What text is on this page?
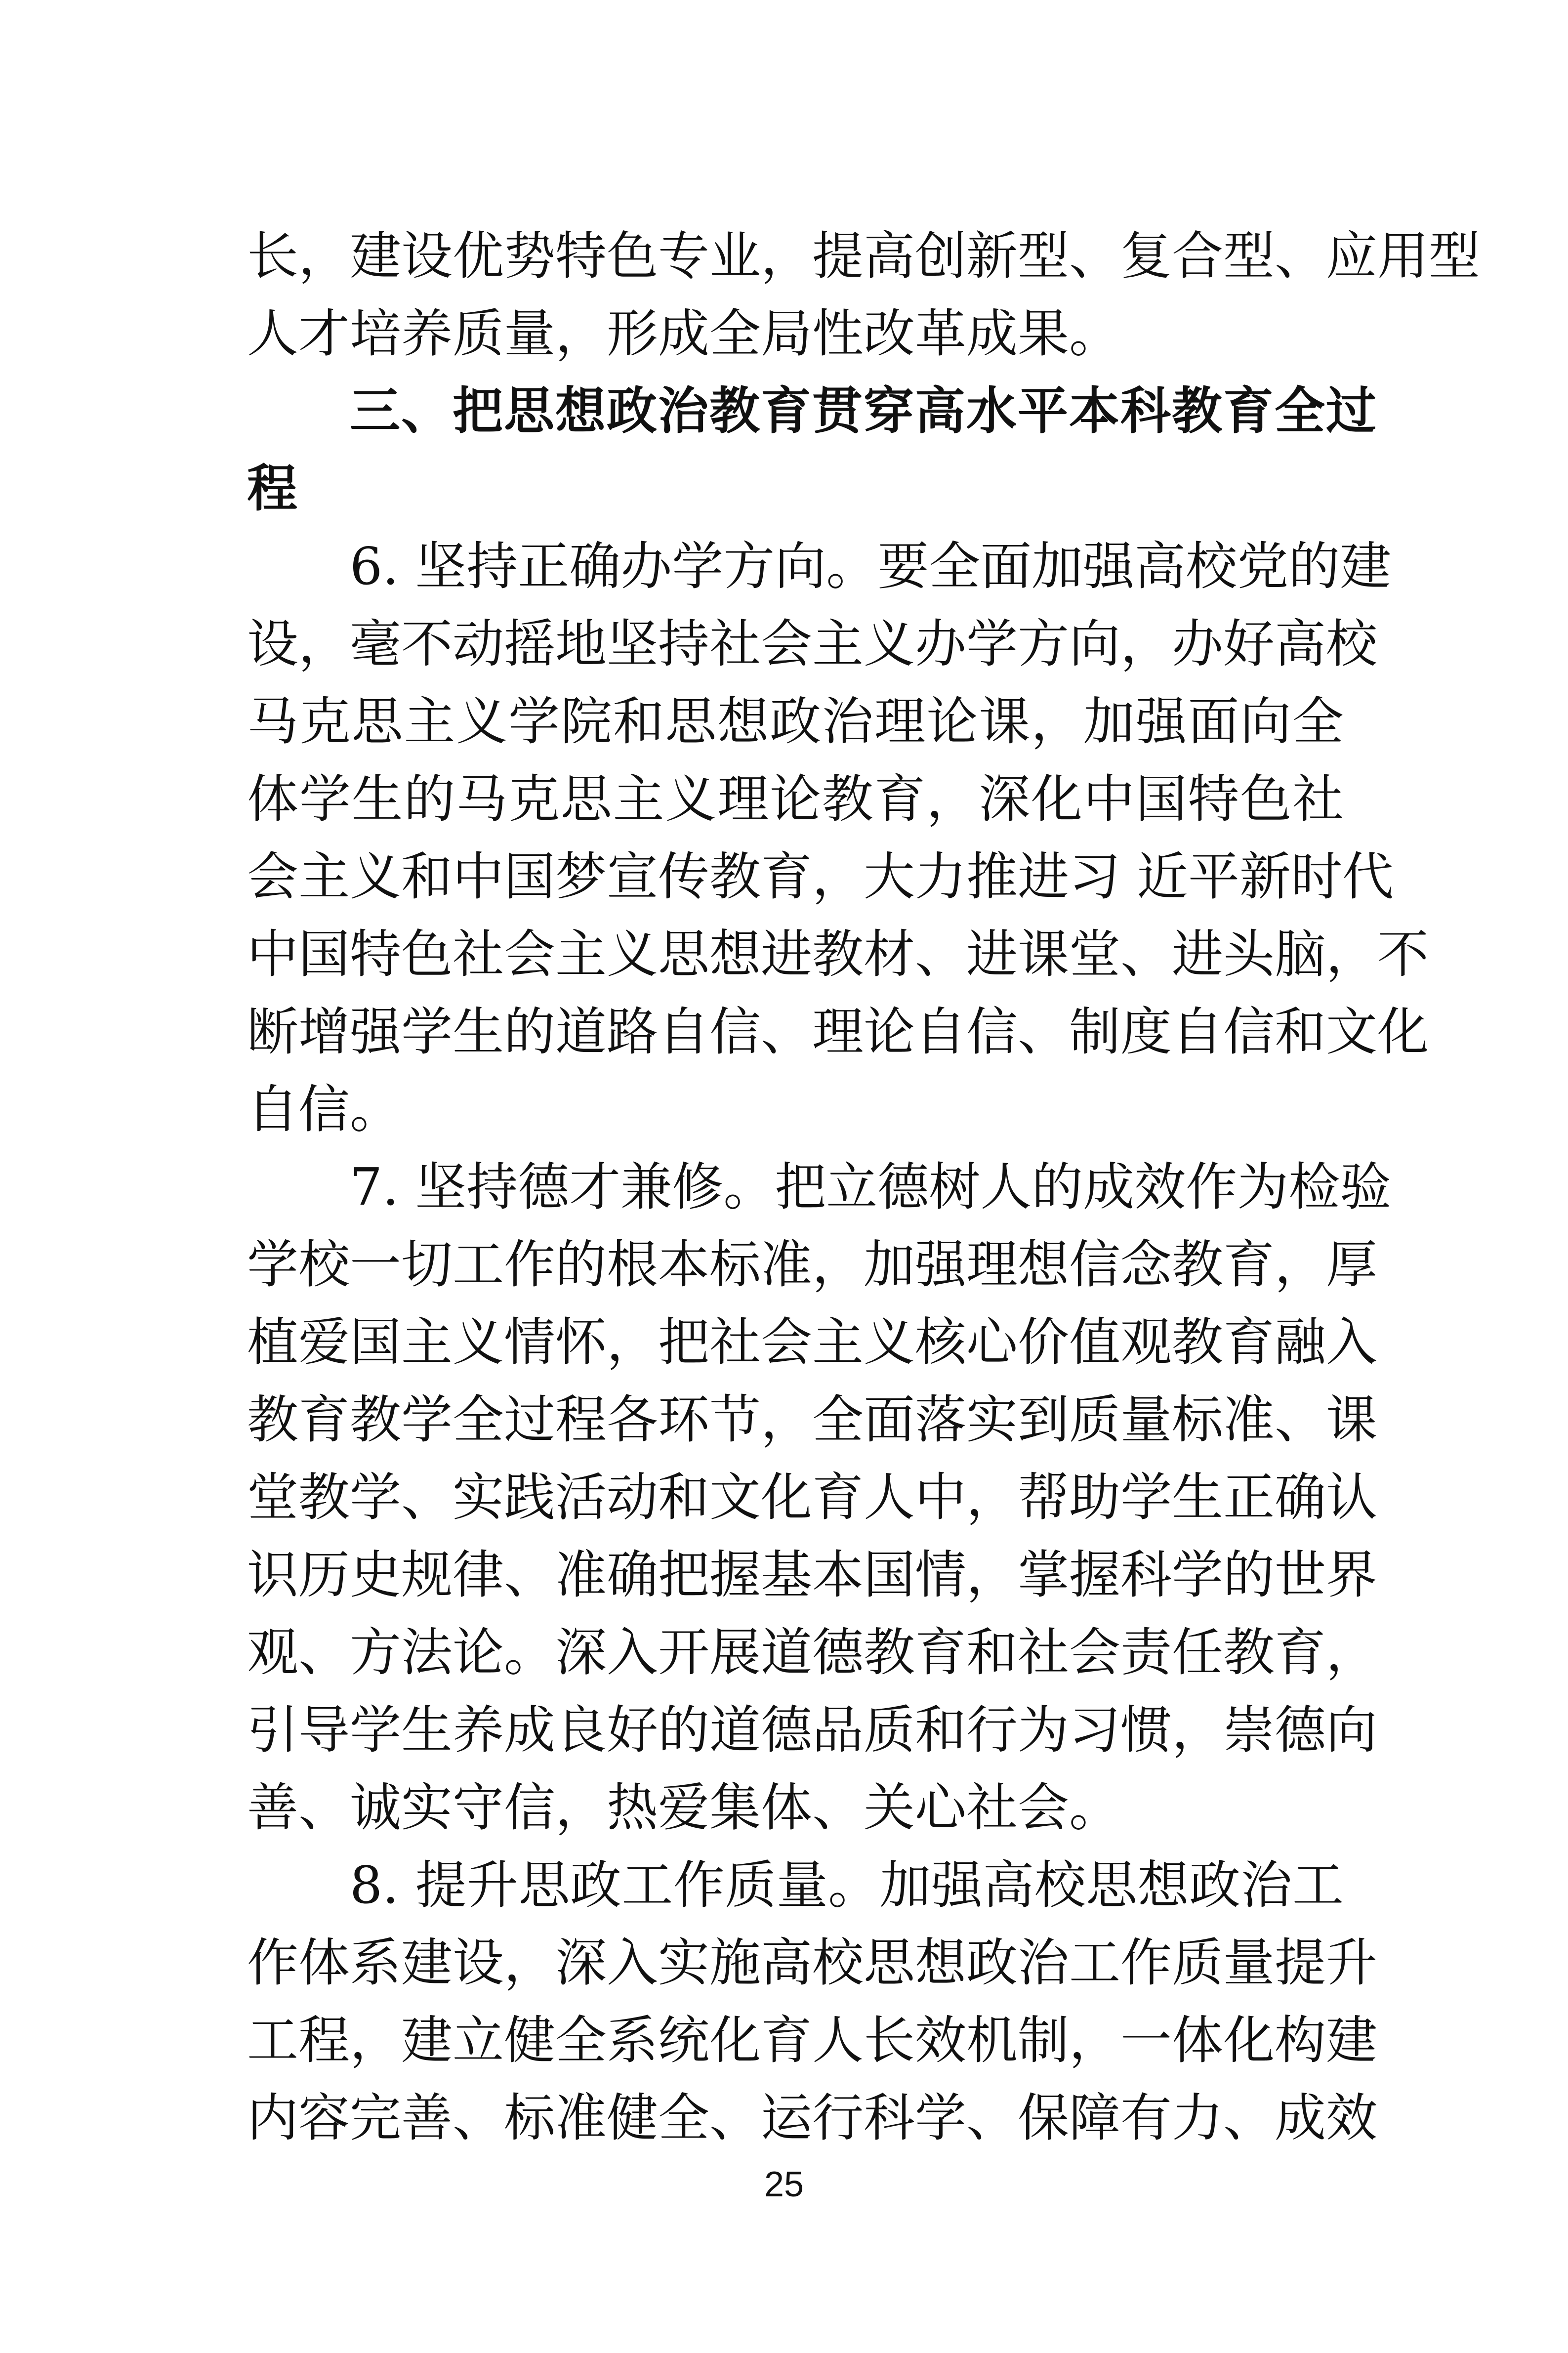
长，建设优势特色专业，提高创新型、复合型、应用型
人才培养质量，形成全局性改革成果。
三、把思想政治教育贯穿高水平本科教育全过
程
6. 坚持正确办学方向。要全面加强高校党的建
设，毫不动摇地坚持社会主义办学方向，办好高校
马克思主义学院和思想政治理论课，加强面向全
体学生的马克思主义理论教育，深化中国特色社
会主义和中国梦宣传教育，大力推进习 近平新时代
中国特色社会主义思想进教材、进课堂、进头脑，不
断增强学生的道路自信、理论自信、制度自信和文化
自信。
7. 坚持德才兼修。把立德树人的成效作为检验
学校一切工作的根本标准，加强理想信念教育，厚
植爱国主义情怀，把社会主义核心价值观教育融入
教育教学全过程各环节，全面落实到质量标准、课
堂教学、实践活动和文化育人中，帮助学生正确认
识历史规律、准确把握基本国情，掌握科学的世界
观、方法论。深入开展道德教育和社会责任教育，
引导学生养成良好的道德品质和行为习惯，崇德向
善、诚实守信，热爱集体、关心社会。
8. 提升思政工作质量。加强高校思想政治工
作体系建设，深入实施高校思想政治工作质量提升
工程，建立健全系统化育人长效机制，一体化构建
内容完善、标准健全、运行科学、保障有力、成效
25
